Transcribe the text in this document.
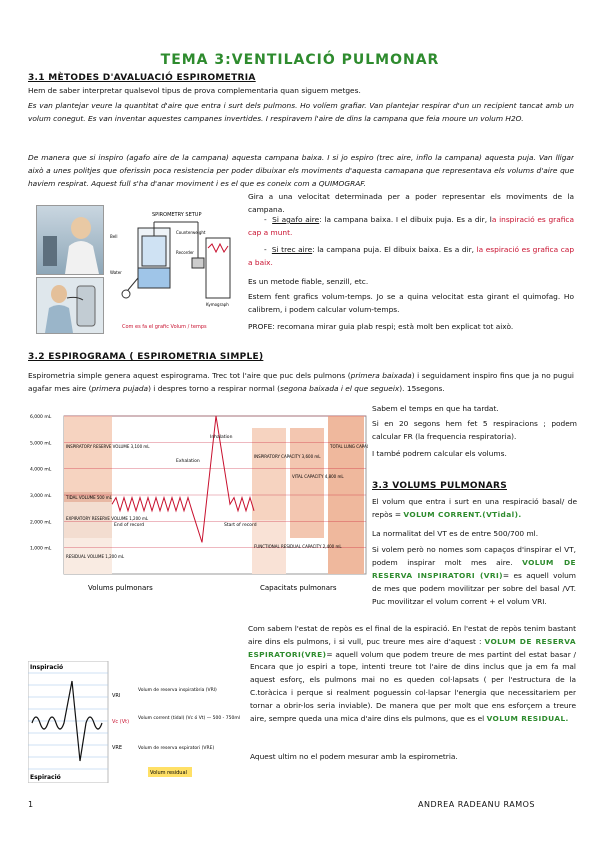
TEMA 3:VENTILACIÓ PULMONAR
3.1 MÈTODES D'AVALUACIÓ ESPIROMETRIA
Hem de saber interpretar qualsevol tipus de prova complementaria quan siguem metges.
Es van plantejar veure la quantitat d'aire que entra i surt dels pulmons. Ho volíem grafiar. Van plantejar respirar d'un un recipient tancat amb un volum conegut. Es van inventar aquestes campanes invertides. I respiravem l'aire de dins la campana que feia moure un volum H2O.
De manera que si inspiro (agafo aire de la campana) aquesta campana baixa. I si jo espiro (trec aire, inflo la campana) aquesta puja. Van lligar això a unes politjes que oferissin poca resistencia per poder dibuixar els moviments d'aquesta camapana que representava els volums d'aire que haviem respirat. Aquest full s'ha d'anar moviment i es el que es coneix com a QUIMOGRAF.
Gira a una velocitat determinada per a poder representar els moviments de la campana.
SPIROMETRY SETUP
Bell
Water
Counterweight
Kymograph
Recorder
Com es fa el grafic Volum / temps
-  Si agafo aire: la campana baixa. I el dibuix puja. Es a dir, la inspiració es grafica cap a munt.
-  Si trec aire: la campana puja. El dibuix baixa. Es a dir, la espiració es grafica cap a baix.
Es un metode fiable, senzill, etc.
Estem fent grafics volum-temps. Jo se a quina velocitat esta girant el quimofag. Ho calibrem, i podem calcular volum-temps.
PROFE: recomana mirar guia plab respi; està molt ben explicat tot això.
3.2 ESPIROGRAMA ( ESPIROMETRIA SIMPLE)
Espirometria simple genera aquest espirograma. Trec tot l'aire que puc dels pulmons (primera baixada) i seguidament inspiro fins que ja no pugui agafar mes aire (primera pujada) i despres torno a respirar normal (segona baixada i el que segueix). 15segons.
6,000 mL
5,000 mL
4,000 mL
3,000 mL
2,000 mL
1,000 mL
INSPIRATORY RESERVE VOLUME 3,100 mL
TIDAL VOLUME 500 mL
EXPIRATORY RESERVE VOLUME 1,200 mL
RESIDUAL VOLUME 1,200 mL
INSPIRATORY CAPACITY 3,600 mL
VITAL CAPACITY 4,800 mL
TOTAL LUNG CAPA
FUNCTIONAL RESIDUAL CAPACITY 2,400 mL
Inhalation
Exhalation
End of record	Start of record
Volums pulmonars	Capacitats pulmonars
Sabem el temps en que ha tardat.
Si en 20 segons hem fet 5 respiracions ; podem calcular FR (la frequencia respiratoria).
I també podrem calcular els volums.
3.3 VOLUMS PULMONARS
El volum que entra i surt en una respiració basal/ de repòs = VOLUM CORRENT.(VTidal).
La normalitat del VT es de entre 500/700 ml.
Si volem però no nomes som capaços d'inspirar el VT, podem inspirar molt mes aire. VOLUM DE RESERVA INSPIRATORI (VRI)= es aquell volum de mes que podem movilitzar per sobre del basal /VT. Puc movilitzar el volum corrent + el volum VRI.
Com sabem l'estat de repòs es el final de la espiració. En l'estat de repòs tenim bastant aire dins els pulmons, i si vull, puc treure mes aire d'aquest : VOLUM DE RESERVA ESPIRATORI(VRE)= aquell volum que podem treure de mes partint del estat basar /
Encara que jo espiri a tope, intenti treure tot l'aire de dins inclus que ja em fa mal aquest esforç, els pulmons mai no es queden col·lapsats ( per l'estructura de la C.toràcica i perque si realment poguessin col·lapsar l'energia que necessitariem per tornar a obrir-los seria inviable). De manera que per molt que ens esforçem a treure aire, sempre queda una mica d'aire dins els pulmons, que es el VOLUM RESIDUAL.
Aquest ultim no el podem mesurar amb la espirometria.
Inspiració
Espiració
VRI
Vc (Vt)
VRE
Volum de reserva inspiratòria (VRI)
Volum corrent (tidal) (Vc ó Vt) — 500 - 750ml
Volum de reserva espiratori (VRE)
Volum residual
1	ANDREA RADEANU RAMOS
